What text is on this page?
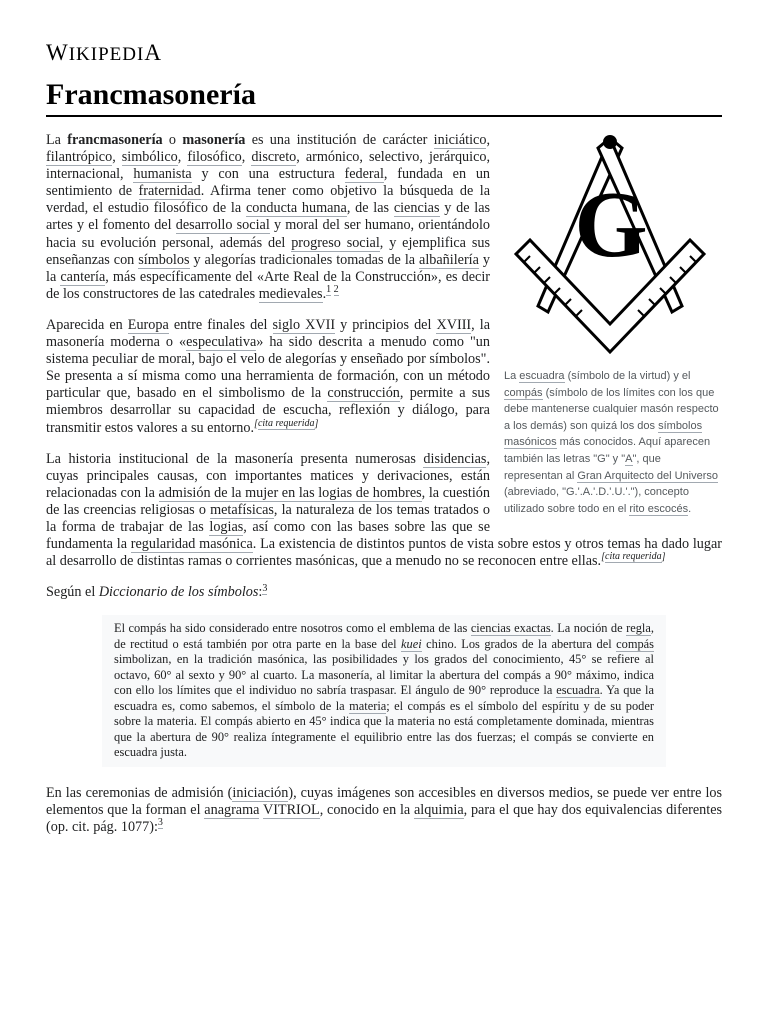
WIKIPEDIA
Francmasonería
G
La escuadra (símbolo de la virtud) y el compás (símbolo de los límites con los que debe mantenerse cualquier masón respecto a los demás) son quizá los dos símbolos masónicos más conocidos. Aquí aparecen también las letras "G" y "A", que representan al Gran Arquitecto del Universo (abreviado, "G.'.A.'.D.'.U.'."), concepto utilizado sobre todo en el rito escocés.

La francmasonería o masonería es una institución de carácter iniciático, filantrópico, simbólico, filosófico, discreto, armónico, selectivo, jerárquico, internacional, humanista y con una estructura federal, fundada en un sentimiento de fraternidad. Afirma tener como objetivo la búsqueda de la verdad, el estudio filosófico de la conducta humana, de las ciencias y de las artes y el fomento del desarrollo social y moral del ser humano, orientándolo hacia su evolución personal, además del progreso social, y ejemplifica sus enseñanzas con símbolos y alegorías tradicionales tomadas de la albañilería y la cantería, más específicamente del «Arte Real de la Construcción», es decir de los constructores de las catedrales medievales.$^{1 2}$

Aparecida en Europa entre finales del siglo XVII y principios del XVIII, la masonería moderna o «especulativa» ha sido descrita a menudo como "un sistema peculiar de moral, bajo el velo de alegorías y enseñado por símbolos". Se presenta a sí misma como una herramienta de formación, con un método particular que, basado en el simbolismo de la construcción, permite a sus miembros desarrollar su capacidad de escucha, reflexión y diálogo, para transmitir estos valores a su entorno.[cita requerida]

La historia institucional de la masonería presenta numerosas disidencias, cuyas principales causas, con importantes matices y derivaciones, están relacionadas con la admisión de la mujer en las logias de hombres, la cuestión de las creencias religiosas o metafísicas, la naturaleza de los temas tratados o la forma de trabajar de las logias, así como con las bases sobre las que se fundamenta la regularidad masónica. La existencia de distintos puntos de vista sobre estos y otros temas ha dado lugar al desarrollo de distintas ramas o corrientes masónicas, que a menudo no se reconocen entre ellas.[cita requerida]

Según el Diccionario de los símbolos:$^3$

El compás ha sido considerado entre nosotros como el emblema de las ciencias exactas. La noción de regla, de rectitud o está también por otra parte en la base del kuei chino. Los grados de la abertura del compás simbolizan, en la tradición masónica, las posibilidades y los grados del conocimiento, 45° se refiere al octavo, 60° al sexto y 90° al cuarto. La masonería, al limitar la abertura del compás a 90° máximo, indica con ello los límites que el individuo no sabría traspasar. El ángulo de 90° reproduce la escuadra. Ya que la escuadra es, como sabemos, el símbolo de la materia; el compás es el símbolo del espíritu y de su poder sobre la materia. El compás abierto en 45° indica que la materia no está completamente dominada, mientras que la abertura de 90° realiza íntegramente el equilibrio entre las dos fuerzas; el compás se convierte en escuadra justa.

En las ceremonias de admisión (iniciación), cuyas imágenes son accesibles en diversos medios, se puede ver entre los elementos que la forman el anagrama VITRIOL, conocido en la alquimia, para el que hay dos equivalencias diferentes (op. cit. pág. 1077):$^3$
